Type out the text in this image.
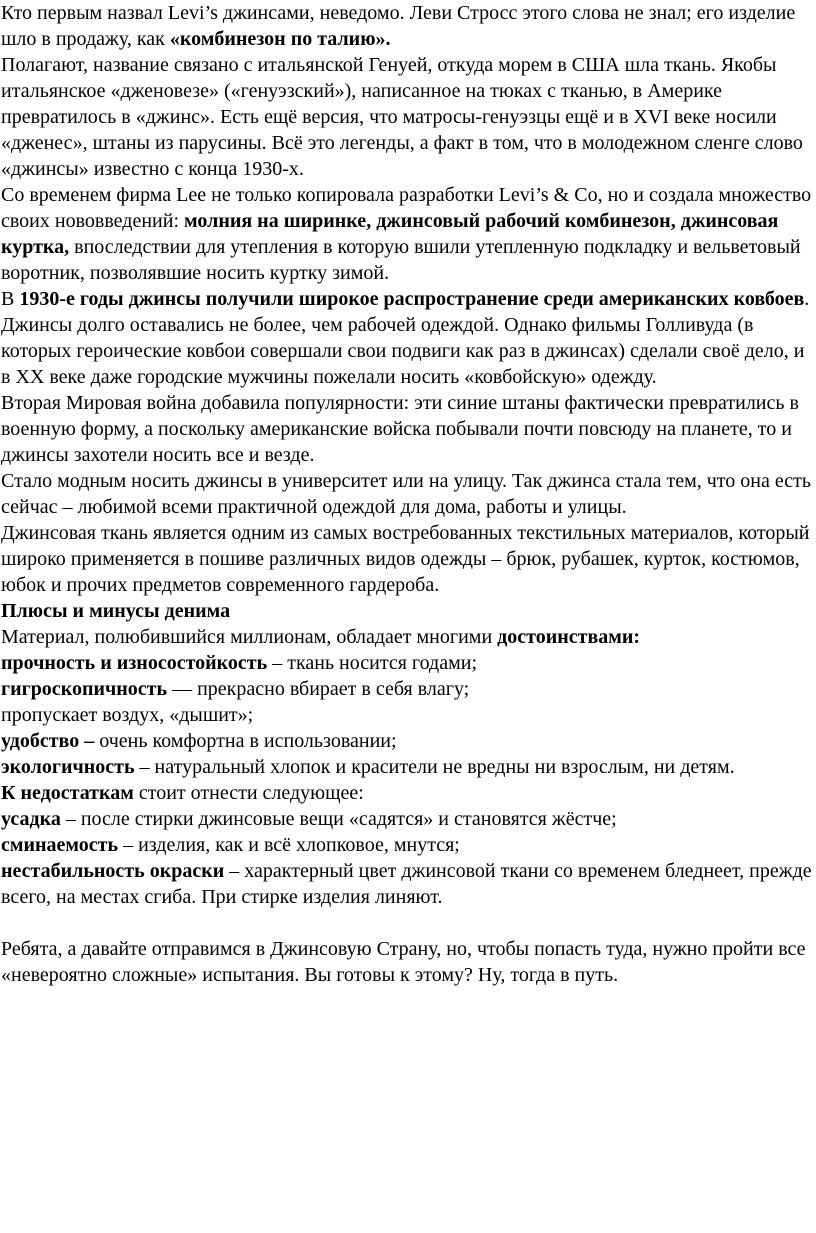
Кто первым назвал Levi’s джинсами, неведомо. Леви Стросс этого слова не знал; его изделие шло в продажу, как «комбинезон по талию».

Полагают, название связано с итальянской Генуей, откуда морем в США шла ткань. Якобы итальянское «дженовезе» («генуэзский»), написанное на тюках с тканью, в Америке превратилось в «джинс». Есть ещё версия, что матросы-генуэзцы ещё и в XVI веке носили «дженес», штаны из парусины. Всё это легенды, а факт в том, что в молодежном сленге слово «джинсы» известно с конца 1930-х.

Со временем фирма Lee не только копировала разработки Levi’s & Co, но и создала множество своих нововведений: молния на ширинке, джинсовый рабочий комбинезон, джинсовая куртка, впоследствии для утепления в которую вшили утепленную подкладку и вельветовый воротник, позволявшие носить куртку зимой.

В 1930-е годы джинсы получили широкое распространение среди американских ковбоев.

Джинсы долго оставались не более, чем рабочей одеждой. Однако фильмы Голливуда (в которых героические ковбои совершали свои подвиги как раз в джинсах) сделали своё дело, и в XX веке даже городские мужчины пожелали носить «ковбойскую» одежду.

Вторая Мировая война добавила популярности: эти синие штаны фактически превратились в военную форму, а поскольку американские войска побывали почти повсюду на планете, то и джинсы захотели носить все и везде.

Стало модным носить джинсы в университет или на улицу. Так джинса стала тем, что она есть сейчас – любимой всеми практичной одеждой для дома, работы и улицы.

Джинсовая ткань является одним из самых востребованных текстильных материалов, который широко применяется в пошиве различных видов одежды – брюк, рубашек, курток, костюмов, юбок и прочих предметов современного гардероба.

Плюсы и минусы денима

Материал, полюбившийся миллионам, обладает многими достоинствами:

прочность и износостойкость – ткань носится годами;

гигроскопичность –– прекрасно вбирает в себя влагу;

пропускает воздух, «дышит»;

удобство – очень комфортна в использовании;

экологичность – натуральный хлопок и красители не вредны ни взрослым, ни детям.

К недостаткам стоит отнести следующее:

усадка – после стирки джинсовые вещи «садятся» и становятся жёстче;

сминаемость – изделия, как и всё хлопковое, мнутся;

нестабильность окраски – характерный цвет джинсовой ткани со временем бледнеет, прежде всего, на местах сгиба. При стирке изделия линяют.

Ребята, а давайте отправимся в Джинсовую Страну, но, чтобы попасть туда, нужно пройти все «невероятно сложные» испытания. Вы готовы к этому? Ну, тогда в путь.
